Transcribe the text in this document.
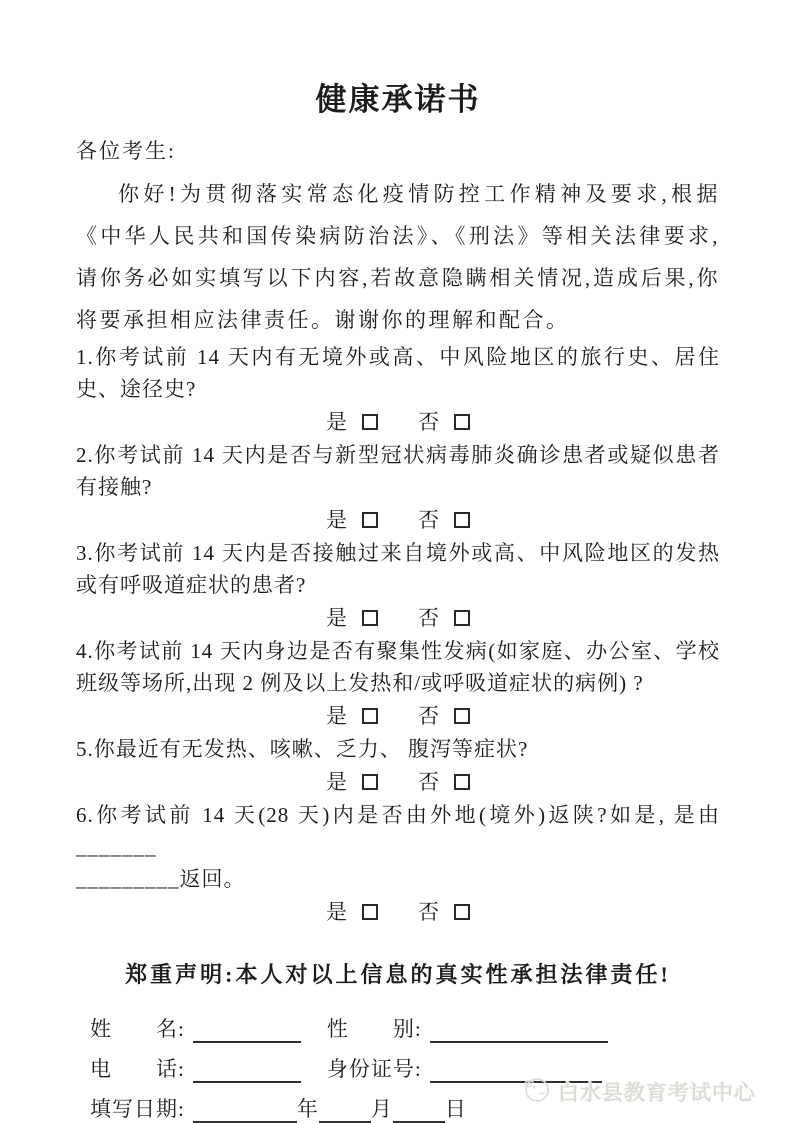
健康承诺书

各位考生:

你好!为贯彻落实常态化疫情防控工作精神及要求,根据《中华人民共和国传染病防治法》、《刑法》等相关法律要求,请你务必如实填写以下内容,若故意隐瞒相关情况,造成后果,你将要承担相应法律责任。谢谢你的理解和配合。

1.你考试前 14 天内有无境外或高、中风险地区的旅行史、居住史、途径史?

是	否

2.你考试前 14 天内是否与新型冠状病毒肺炎确诊患者或疑似患者有接触?

是	否

3.你考试前 14 天内是否接触过来自境外或高、中风险地区的发热或有呼吸道症状的患者?

是	否

4.你考试前 14 天内身边是否有聚集性发病(如家庭、办公室、学校班级等场所,出现 2 例及以上发热和/或呼吸道症状的病例) ?

是	否

5.你最近有无发热、咳嗽、乏力、 腹泻等症状?

是	否

6.你考试前 14 天(28 天)内是否由外地(境外)返陕?如是, 是由_______
_________返回。

是	否

郑重声明:本人对以上信息的真实性承担法律责任!

姓　　名:	性　　别:
电　　话:	身份证号:
填写日期:	年 月 日
白水县教育考试中心
